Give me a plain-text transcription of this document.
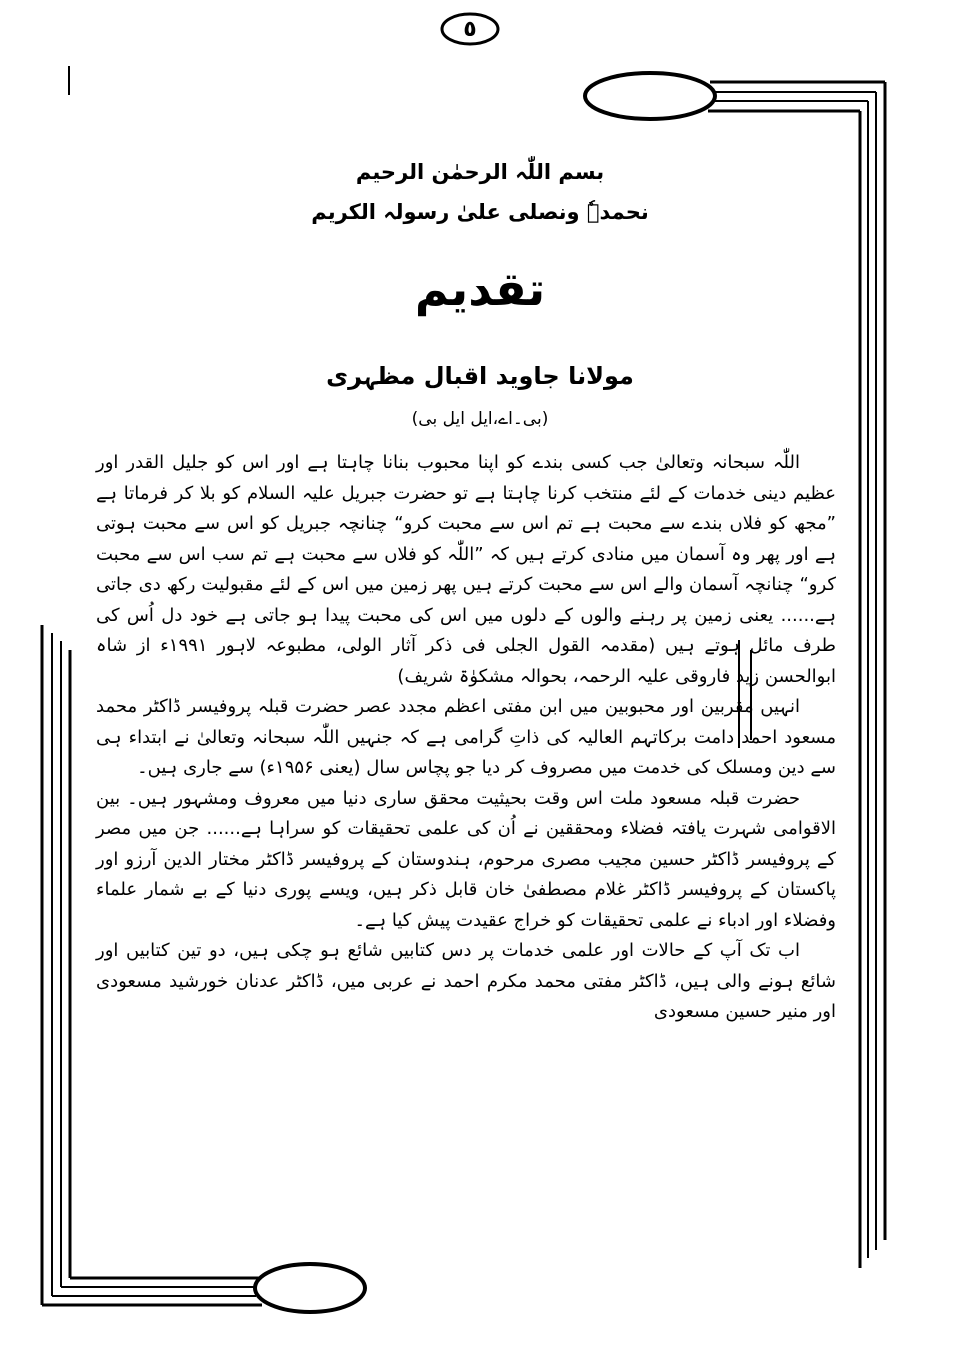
٥
بسم اللّٰہ الرحمٰن الرحیم
نحمدہٗ ونصلی علیٰ رسولہ الکریم
تقدیم
مولانا جاوید اقبال مظہری
(بی۔اے،ایل ایل بی)

اللّٰہ سبحانہ وتعالیٰ جب کسی بندے کو اپنا محبوب بنانا چاہتا ہے اور اس کو جلیل القدر اور عظیم دینی خدمات کے لئے منتخب کرنا چاہتا ہے تو حضرت جبریل علیہ السلام کو بلا کر فرماتا ہے ”مجھ کو فلاں بندے سے محبت ہے تم اس سے محبت کرو“ چنانچہ جبریل کو اس سے محبت ہوتی ہے اور پھر وہ آسمان میں منادی کرتے ہیں کہ ”اللّٰہ کو فلاں سے محبت ہے تم سب اس سے محبت کرو“ چنانچہ آسمان والے اس سے محبت کرتے ہیں پھر زمین میں اس کے لئے مقبولیت رکھ دی جاتی ہے...... یعنی زمین پر رہنے والوں کے دلوں میں اس کی محبت پیدا ہو جاتی ہے خود دل اُس کی طرف مائل ہوتے ہیں (مقدمہ القول الجلی فی ذکر آثار الولی، مطبوعہ لاہور ۱۹۹۱ء از شاہ ابوالحسن زید فاروقی علیہ الرحمہ، بحوالہ مشکوٰۃ شریف)

انہیں مقربین اور محبوبین میں ابن مفتی اعظم مجدد عصر حضرت قبلہ پروفیسر ڈاکٹر محمد مسعود احمد دامت برکاتہم العالیہ کی ذاتِ گرامی ہے کہ جنہیں اللّٰہ سبحانہ وتعالیٰ نے ابتداء ہی سے دین ومسلک کی خدمت میں مصروف کر دیا جو پچاس سال (یعنی ۱۹۵۶ء) سے جاری ہیں۔

حضرت قبلہ مسعود ملت اس وقت بحیثیت محقق ساری دنیا میں معروف ومشہور ہیں۔ بین الاقوامی شہرت یافتہ فضلاء ومحققین نے اُن کی علمی تحقیقات کو سراہا ہے...... جن میں مصر کے پروفیسر ڈاکٹر حسین مجیب مصری مرحوم، ہندوستان کے پروفیسر ڈاکٹر مختار الدین آرزو اور پاکستان کے پروفیسر ڈاکٹر غلام مصطفیٰ خان قابل ذکر ہیں، ویسے پوری دنیا کے بے شمار علماء وفضلاء اور ادباء نے علمی تحقیقات کو خراج عقیدت پیش کیا ہے۔

اب تک آپ کے حالات اور علمی خدمات پر دس کتابیں شائع ہو چکی ہیں، دو تین کتابیں اور شائع ہونے والی ہیں، ڈاکٹر مفتی محمد مکرم احمد نے عربی میں، ڈاکٹر عدنان خورشید مسعودی اور منیر حسین مسعودی
